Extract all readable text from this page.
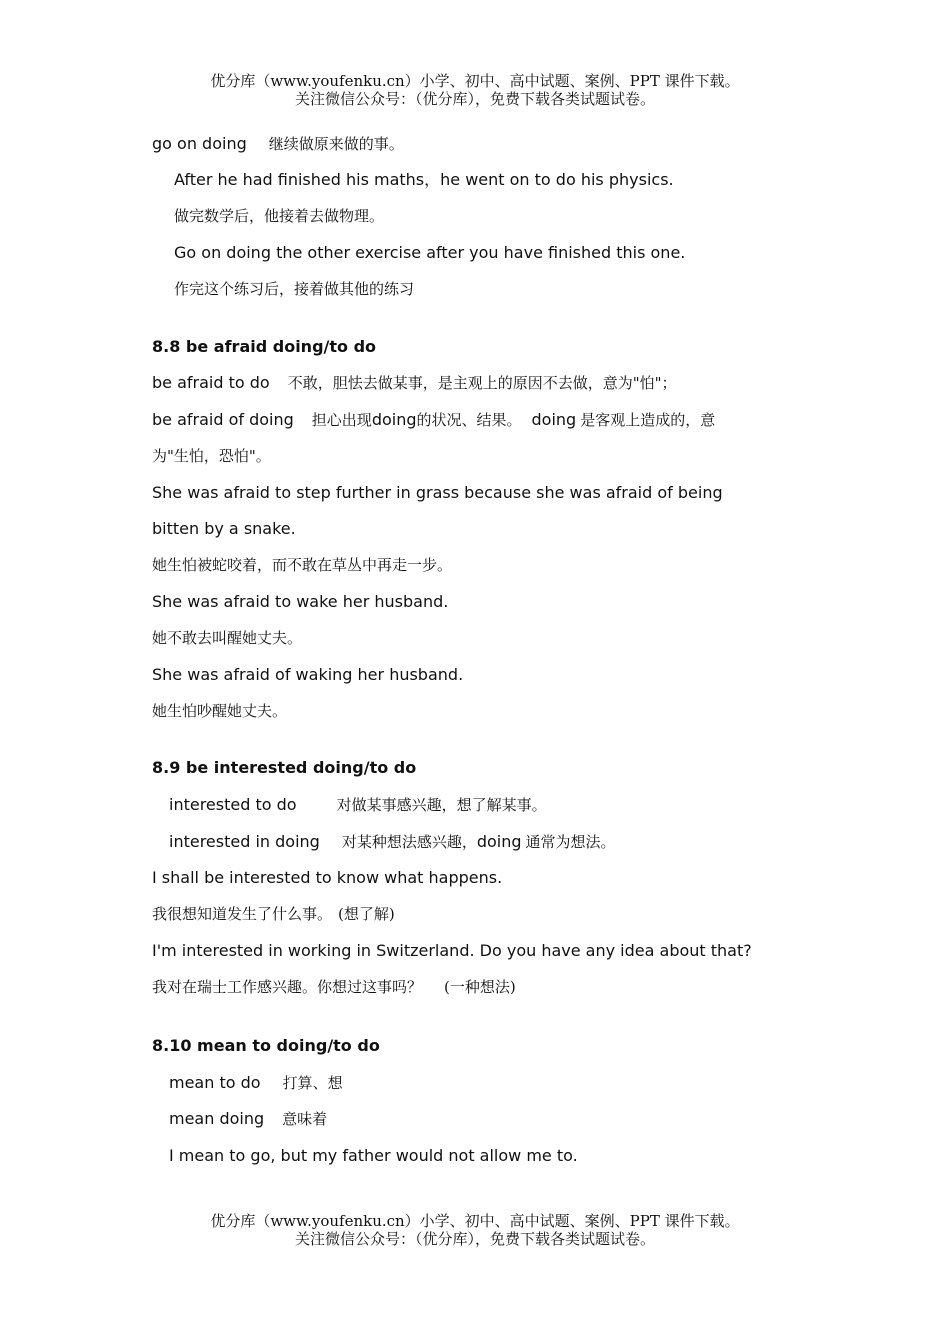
优分库（www.youfenku.cn）小学、初中、高中试题、案例、PPT 课件下载。
关注微信公众号：（优分库），免费下载各类试题试卷。
go on doing 继续做原来做的事。
After he had finished his maths，he went on to do his physics.
做完数学后，他接着去做物理。
Go on doing the other exercise after you have finished this one.
作完这个练习后，接着做其他的练习
8.8 be afraid doing/to do
be afraid to do 不敢，胆怯去做某事，是主观上的原因不去做，意为"怕"；
be afraid of doing 担心出现doing的状况、结果。 doing 是客观上造成的，意
为"生怕，恐怕"。
She was afraid to step further in grass because she was afraid of being
bitten by a snake.
她生怕被蛇咬着，而不敢在草丛中再走一步。
She was afraid to wake her husband.
她不敢去叫醒她丈夫。
She was afraid of waking her husband.
她生怕吵醒她丈夫。
8.9 be interested doing/to do
interested to do	对做某事感兴趣，想了解某事。
interested in doing 对某种想法感兴趣，doing 通常为想法。
I shall be interested to know what happens.
我很想知道发生了什么事。 (想了解)
I'm interested in working in Switzerland. Do you have any idea about that?
我对在瑞士工作感兴趣。你想过这事吗？ (一种想法)
8.10 mean to doing/to do
mean to do 打算、想
mean doing 意味着
I mean to go, but my father would not allow me to.
优分库（www.youfenku.cn）小学、初中、高中试题、案例、PPT 课件下载。
关注微信公众号：（优分库），免费下载各类试题试卷。
